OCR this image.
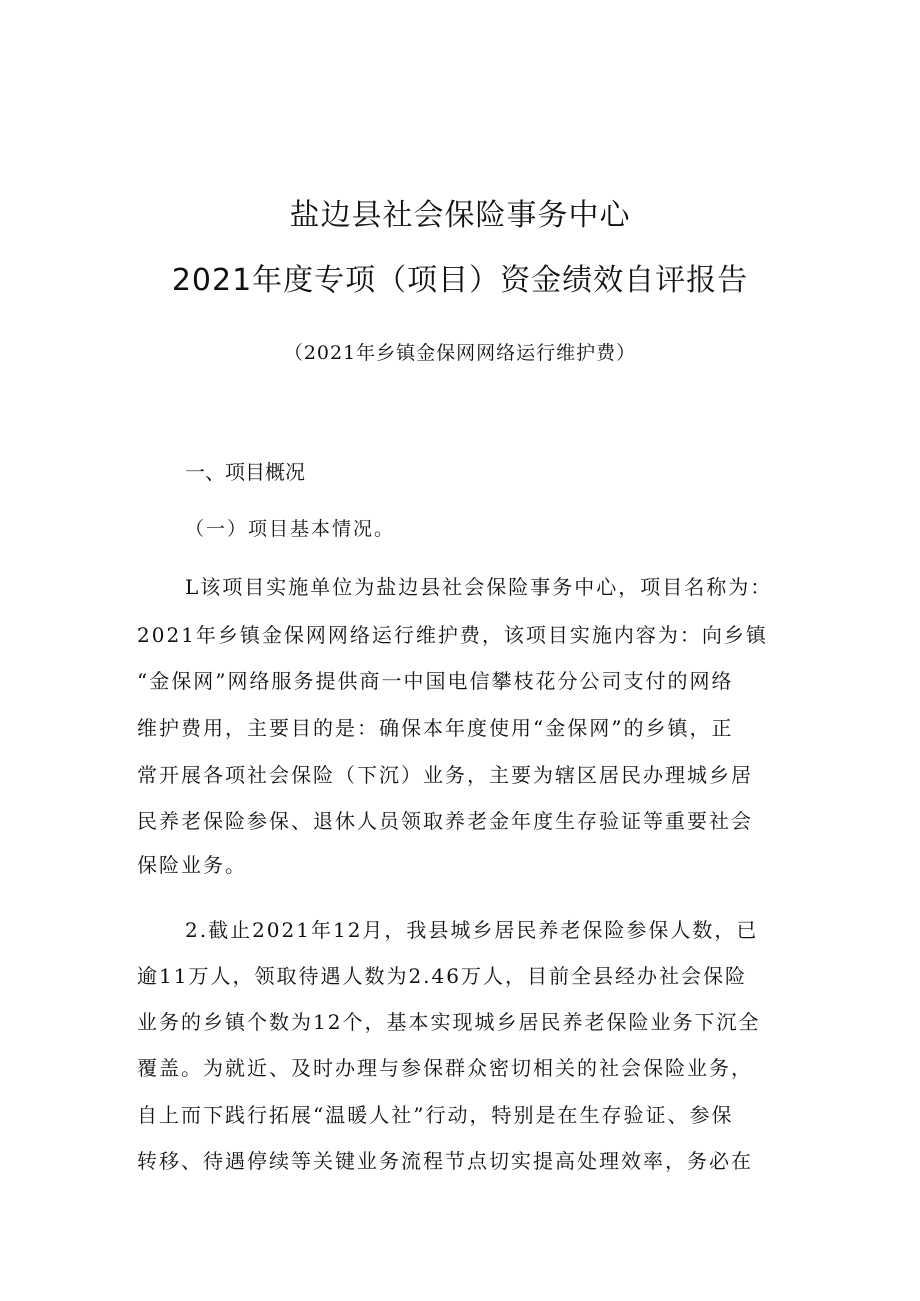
盐边县社会保险事务中心
2021年度专项（项目）资金绩效自评报告
（2021年乡镇金保网网络运行维护费）
一、项目概况
（一）项目基本情况。
L该项目实施单位为盐边县社会保险事务中心，项目名称为：
2021年乡镇金保网网络运行维护费，该项目实施内容为：向乡镇
“金保网”网络服务提供商一中国电信攀枝花分公司支付的网络
维护费用，主要目的是：确保本年度使用“金保网”的乡镇，正
常开展各项社会保险（下沉）业务，主要为辖区居民办理城乡居
民养老保险参保、退休人员领取养老金年度生存验证等重要社会
保险业务。
2.截止2021年12月，我县城乡居民养老保险参保人数，已
逾11万人，领取待遇人数为2.46万人，目前全县经办社会保险
业务的乡镇个数为12个，基本实现城乡居民养老保险业务下沉全
覆盖。为就近、及时办理与参保群众密切相关的社会保险业务，
自上而下践行拓展“温暖人社”行动，特别是在生存验证、参保
转移、待遇停续等关键业务流程节点切实提高处理效率，务必在
